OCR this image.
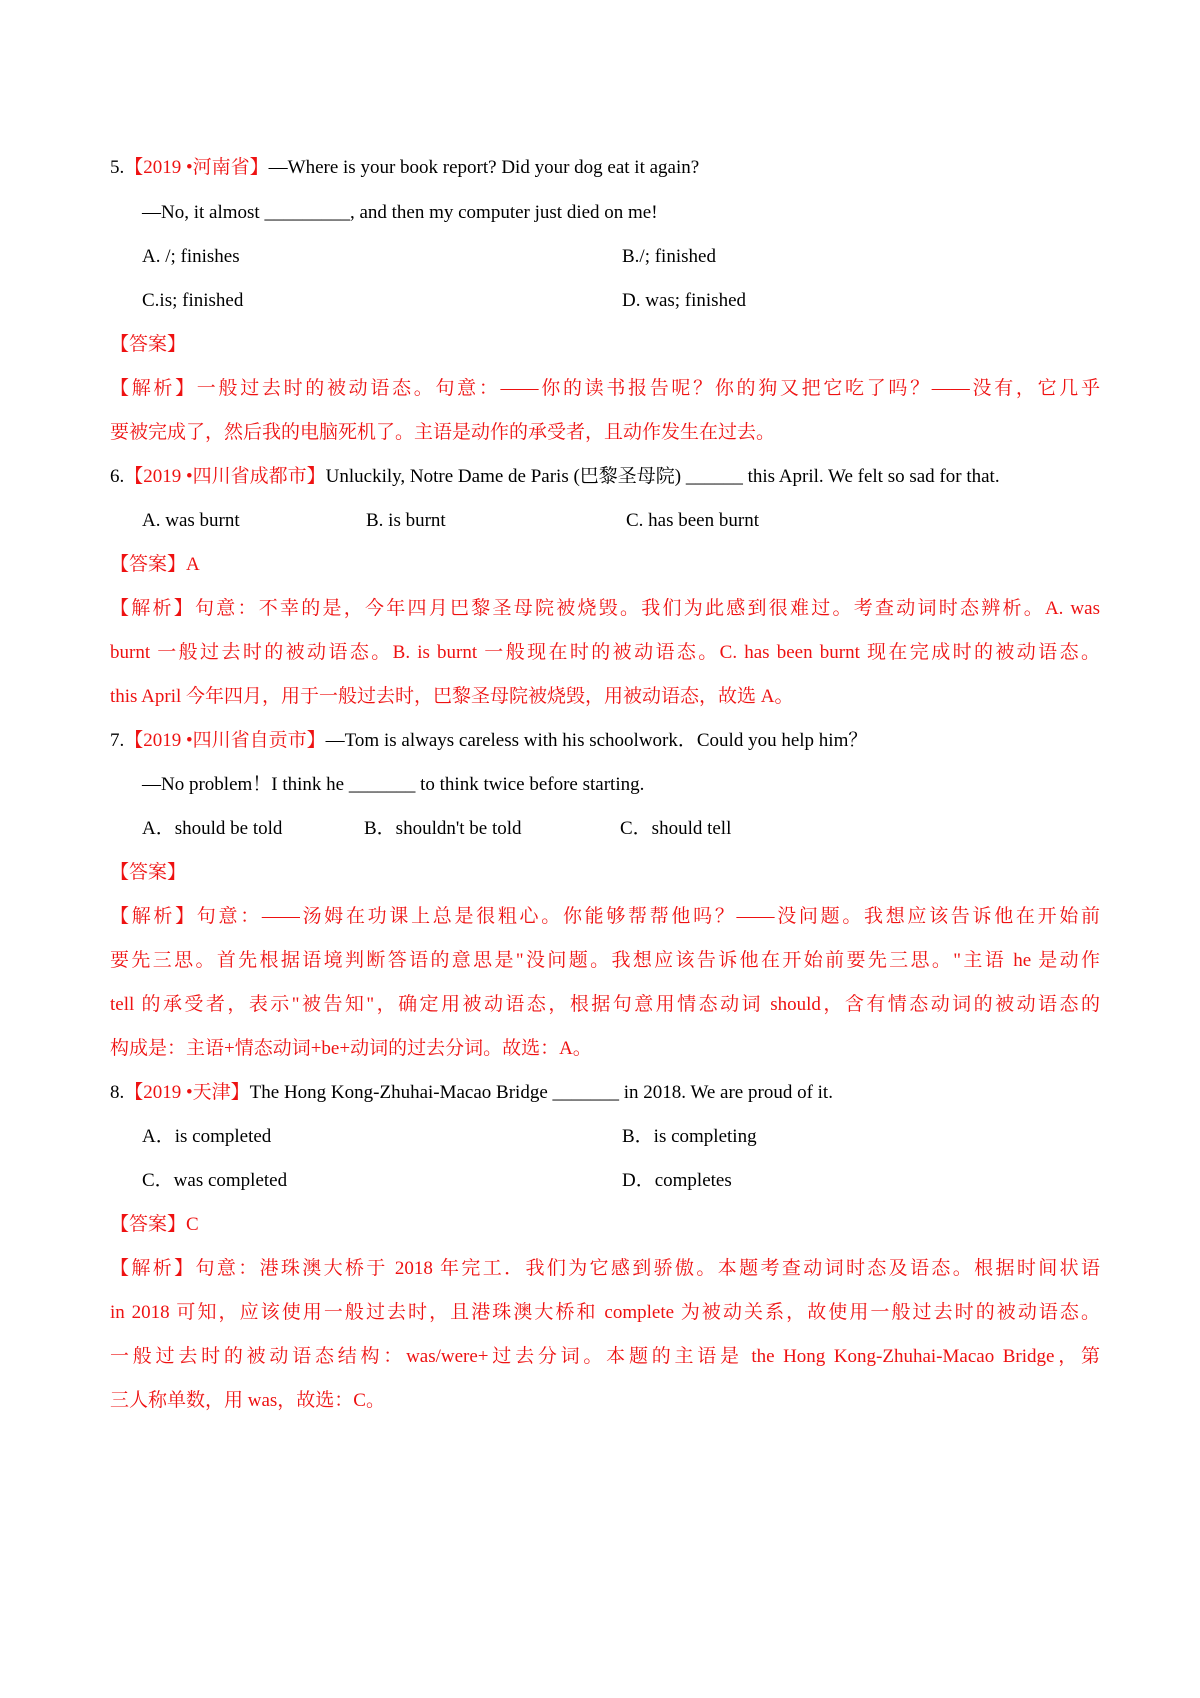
5.【2019 •河南省】—Where is your book report? Did your dog eat it again?
—No, it almost _________, and then my computer just died on me!
A. /; finishes	B./; finished
C.is; finished	D. was; finished
【答案】
【解析】一般过去时的被动语态。句意：——你的读书报告呢？你的狗又把它吃了吗？——没有，它几乎
要被完成了，然后我的电脑死机了。主语是动作的承受者，且动作发生在过去。
6.【2019 •四川省成都市】Unluckily, Notre Dame de Paris (巴黎圣母院) ______ this April. We felt so sad for that.
A. was burnt	B. is burnt	C. has been burnt
【答案】A
【解析】句意：不幸的是，今年四月巴黎圣母院被烧毁。我们为此感到很难过。考查动词时态辨析。A. was
burnt 一般过去时的被动语态。B. is burnt 一般现在时的被动语态。C. has been burnt 现在完成时的被动语态。
this April 今年四月，用于一般过去时，巴黎圣母院被烧毁，用被动语态，故选 A。
7.【2019 •四川省自贡市】—Tom is always careless with his schoolwork．Could you help him？
—No problem！I think he _______ to think twice before starting.
A．should be told	B．shouldn't be told	C．should tell
【答案】
【解析】句意：——汤姆在功课上总是很粗心。你能够帮帮他吗？——没问题。我想应该告诉他在开始前
要先三思。首先根据语境判断答语的意思是"没问题。我想应该告诉他在开始前要先三思。"主语 he 是动作
tell 的承受者，表示"被告知"，确定用被动语态，根据句意用情态动词 should，含有情态动词的被动语态的
构成是：主语+情态动词+be+动词的过去分词。故选：A。
8.【2019 •天津】The Hong Kong-Zhuhai-Macao Bridge _______ in 2018. We are proud of it.
A．is completed	B．is completing
C．was completed	D．completes
【答案】C
【解析】句意：港珠澳大桥于 2018 年完工．我们为它感到骄傲。本题考查动词时态及语态。根据时间状语
in 2018 可知，应该使用一般过去时，且港珠澳大桥和 complete 为被动关系，故使用一般过去时的被动语态。
一般过去时的被动语态结构：was/were+过去分词。本题的主语是 the Hong Kong-Zhuhai-Macao Bridge，第
三人称单数，用 was，故选：C。
